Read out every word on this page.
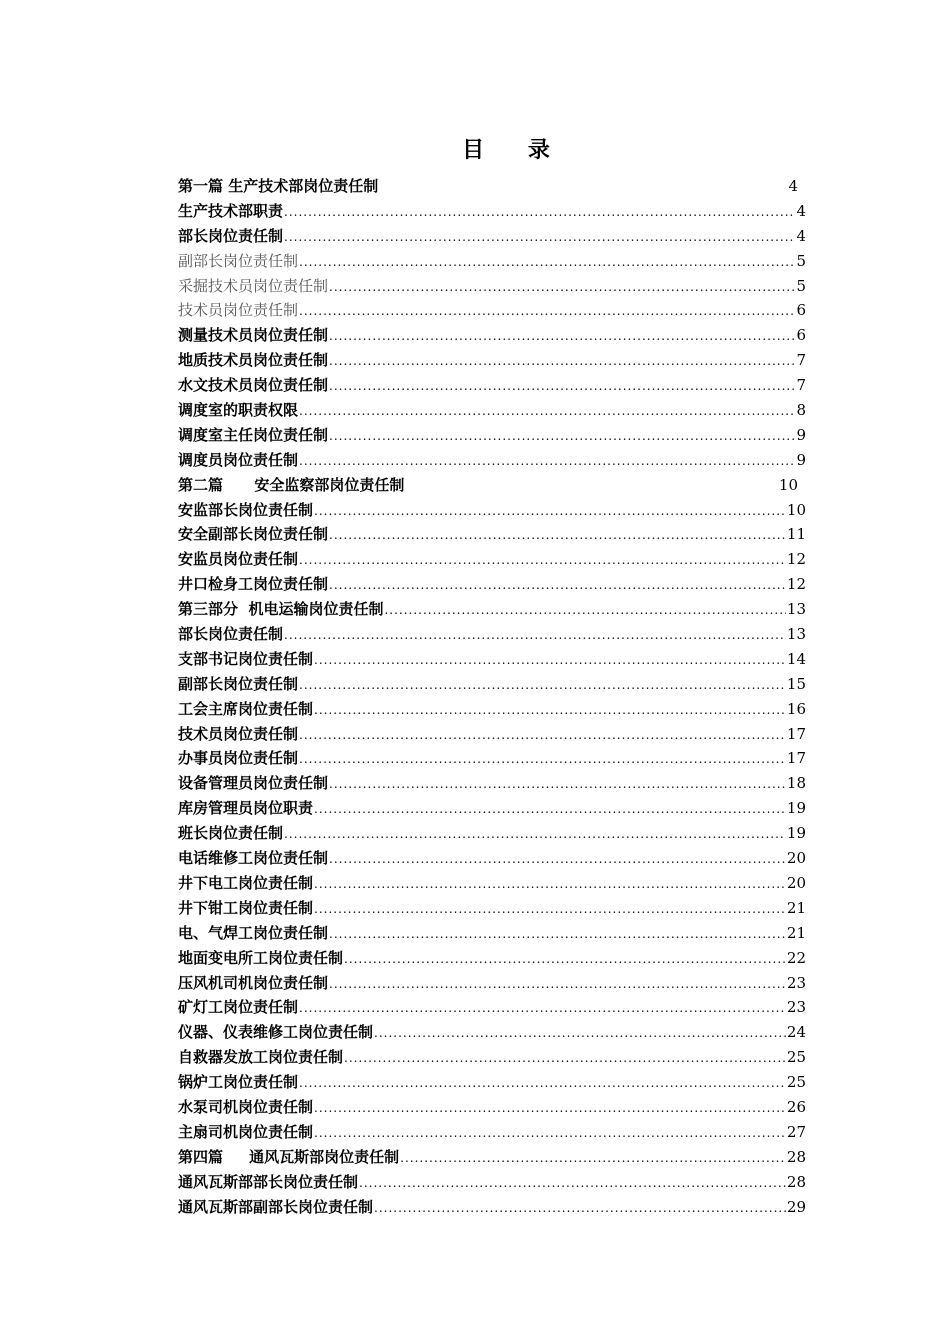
目 录
第一篇 生产技术部岗位责任制	4
生产技术部职责 .....	4
部长岗位责任制 .....	4
副部长岗位责任制 .....	5
采掘技术员岗位责任制 .....	5
技术员岗位责任制 .....	6
测量技术员岗位责任制 .....	6
地质技术员岗位责任制 .....	7
水文技术员岗位责任制 .....	7
调度室的职责权限 .....	8
调度室主任岗位责任制 .....	9
调度员岗位责任制 .....	9
第二篇      安全监察部岗位责任制	10
安监部长岗位责任制 .....	10
安全副部长岗位责任制 .....	11
安监员岗位责任制 .....	12
井口检身工岗位责任制 .....	12
第三部分  机电运输岗位责任制 .....	13
部长岗位责任制 .....	13
支部书记岗位责任制 .....	14
副部长岗位责任制 .....	15
工会主席岗位责任制 .....	16
技术员岗位责任制 .....	17
办事员岗位责任制 .....	17
设备管理员岗位责任制 .....	18
库房管理员岗位职责 .....	19
班长岗位责任制 .....	19
电话维修工岗位责任制 .....	20
井下电工岗位责任制 .....	20
井下钳工岗位责任制 .....	21
电、气焊工岗位责任制 .....	21
地面变电所工岗位责任制 .....	22
压风机司机岗位责任制 .....	23
矿灯工岗位责任制 .....	23
仪器、仪表维修工岗位责任制 .....	24
自救器发放工岗位责任制 .....	25
锅炉工岗位责任制 .....	25
水泵司机岗位责任制 .....	26
主扇司机岗位责任制 .....	27
第四篇     通风瓦斯部岗位责任制 .....	28
通风瓦斯部部长岗位责任制 .....	28
通风瓦斯部副部长岗位责任制 .....	29
